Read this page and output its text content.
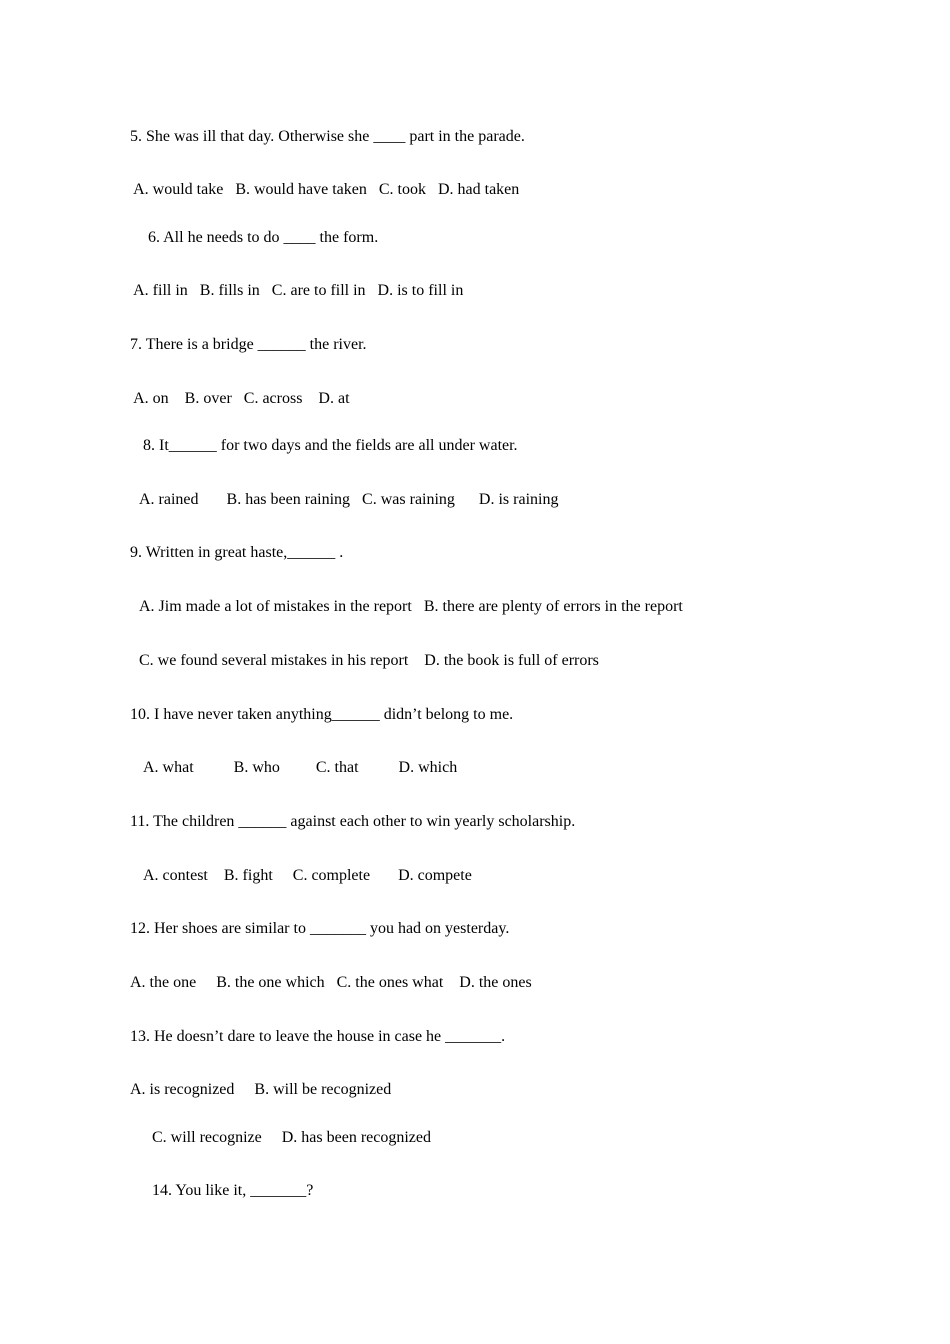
5. She was ill that day. Otherwise she ____ part in the parade.
A. would take   B. would have taken   C. took   D. had taken
6. All he needs to do ____ the form.
A. fill in   B. fills in   C. are to fill in   D. is to fill in
7. There is a bridge ______ the river.
A. on    B. over   C. across    D. at
8. It______ for two days and the fields are all under water.
A. rained       B. has been raining   C. was raining      D. is raining
9. Written in great haste,______ .
A. Jim made a lot of mistakes in the report   B. there are plenty of errors in the report
C. we found several mistakes in his report    D. the book is full of errors
10. I have never taken anything______ didn’t belong to me.
A. what          B. who         C. that          D. which
11. The children ______ against each other to win yearly scholarship.
A. contest    B. fight     C. complete       D. compete
12. Her shoes are similar to _______ you had on yesterday.
A. the one     B. the one which   C. the ones what    D. the ones
13. He doesn’t dare to leave the house in case he _______.
A. is recognized     B. will be recognized
C. will recognize     D. has been recognized
14. You like it, _______?
